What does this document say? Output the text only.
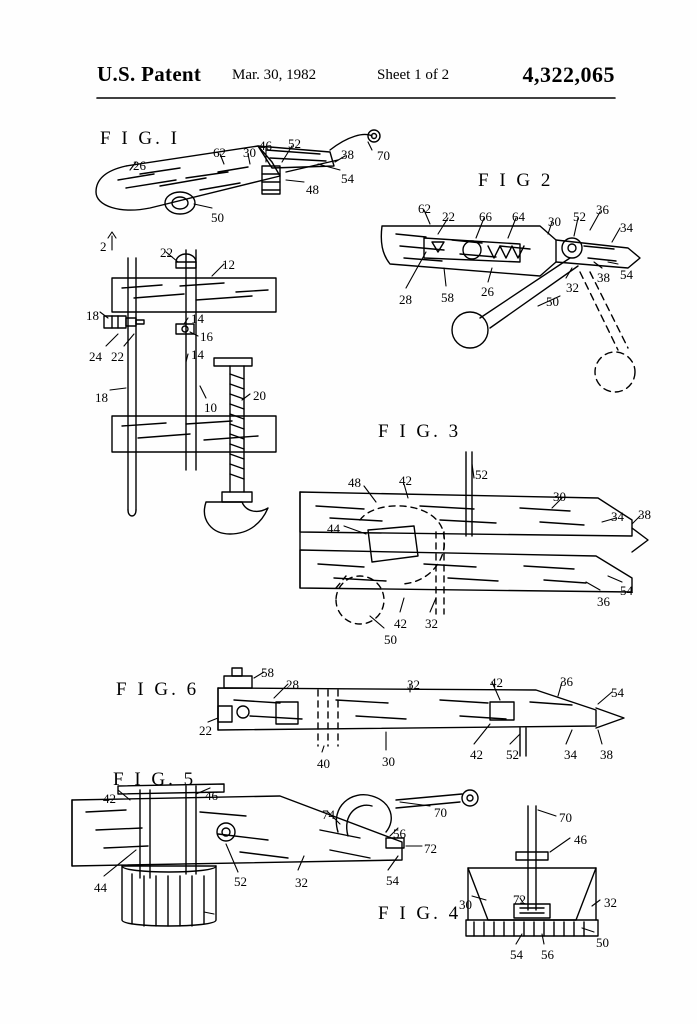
U.S. Patent Mar. 30, 1982	Sheet 1 of 2	4,322,065
F I G. I
F I G 2
F I G. 3
F I G. 6
F I G. 5
F I G. 4
26
62 30 46 52
38 70
54
48
50
2	22
12
18	14
16
24 22	14
18
10
20
62
22 66 64 30 52 36
34
38 54
32
50
28 58 26
48	42	52
30
34 38
44
54
36
42 32
50
58
28	32	42	36
54
22
42 52	34 38
40	30
42	46
74	70
56
72
44	52	32	54
70
46
30	72	32
50
54 56
